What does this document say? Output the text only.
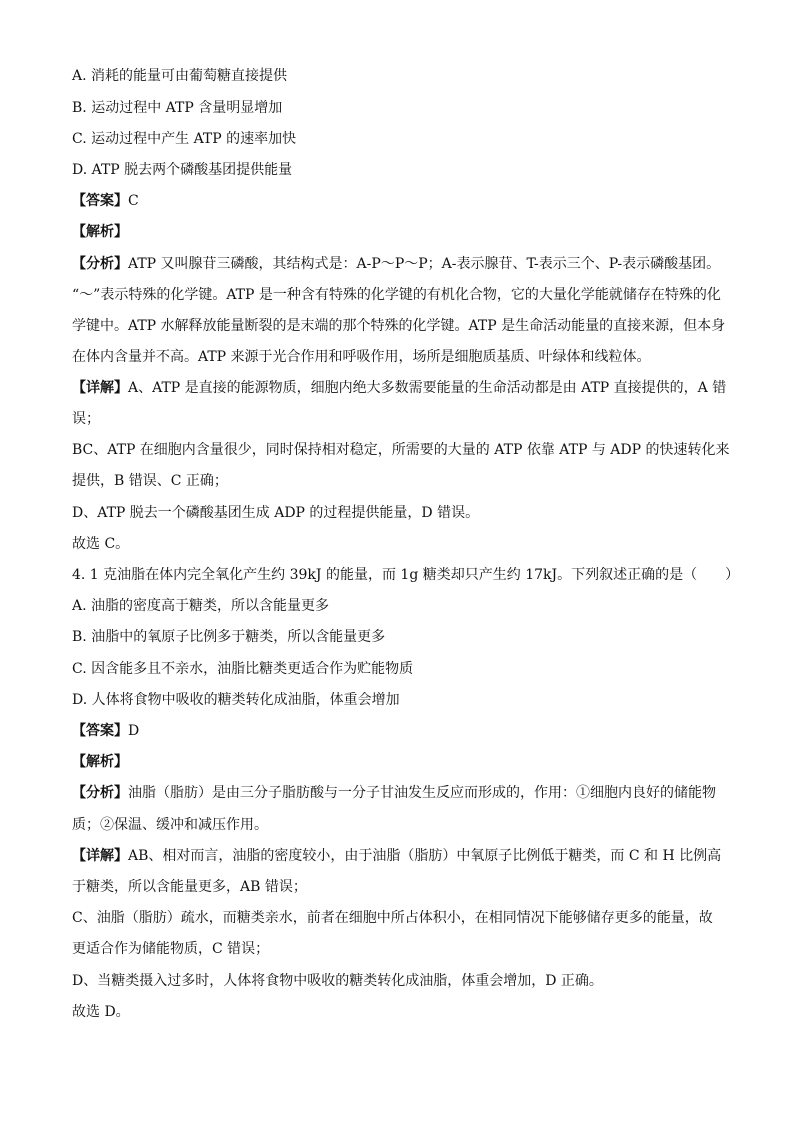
A. 消耗的能量可由葡萄糖直接提供
B. 运动过程中 ATP 含量明显增加
C. 运动过程中产生 ATP 的速率加快
D. ATP 脱去两个磷酸基团提供能量
【答案】C
【解析】
【分析】ATP 又叫腺苷三磷酸，其结构式是：A-P～P～P；A-表示腺苷、T-表示三个、P-表示磷酸基团。
“～”表示特殊的化学键。ATP 是一种含有特殊的化学键的有机化合物，它的大量化学能就储存在特殊的化
学键中。ATP 水解释放能量断裂的是末端的那个特殊的化学键。ATP 是生命活动能量的直接来源，但本身
在体内含量并不高。ATP 来源于光合作用和呼吸作用，场所是细胞质基质、叶绿体和线粒体。
【详解】A、ATP 是直接的能源物质，细胞内绝大多数需要能量的生命活动都是由 ATP 直接提供的，A 错
误；
BC、ATP 在细胞内含量很少，同时保持相对稳定，所需要的大量的 ATP 依靠 ATP 与 ADP 的快速转化来
提供，B 错误、C 正确；
D、ATP 脱去一个磷酸基团生成 ADP 的过程提供能量，D 错误。
故选 C。
4. 1 克油脂在体内完全氧化产生约 39kJ 的能量，而 1g 糖类却只产生约 17kJ。下列叙述正确的是（　　）
A. 油脂的密度高于糖类，所以含能量更多
B. 油脂中的氧原子比例多于糖类，所以含能量更多
C. 因含能多且不亲水，油脂比糖类更适合作为贮能物质
D. 人体将食物中吸收的糖类转化成油脂，体重会增加
【答案】D
【解析】
【分析】油脂（脂肪）是由三分子脂肪酸与一分子甘油发生反应而形成的，作用：①细胞内良好的储能物
质；②保温、缓冲和减压作用。
【详解】AB、相对而言，油脂的密度较小，由于油脂（脂肪）中氧原子比例低于糖类，而 C 和 H 比例高
于糖类，所以含能量更多，AB 错误；
C、油脂（脂肪）疏水，而糖类亲水，前者在细胞中所占体积小，在相同情况下能够储存更多的能量，故
更适合作为储能物质，C 错误；
D、当糖类摄入过多时，人体将食物中吸收的糖类转化成油脂，体重会增加，D 正确。
故选 D。
